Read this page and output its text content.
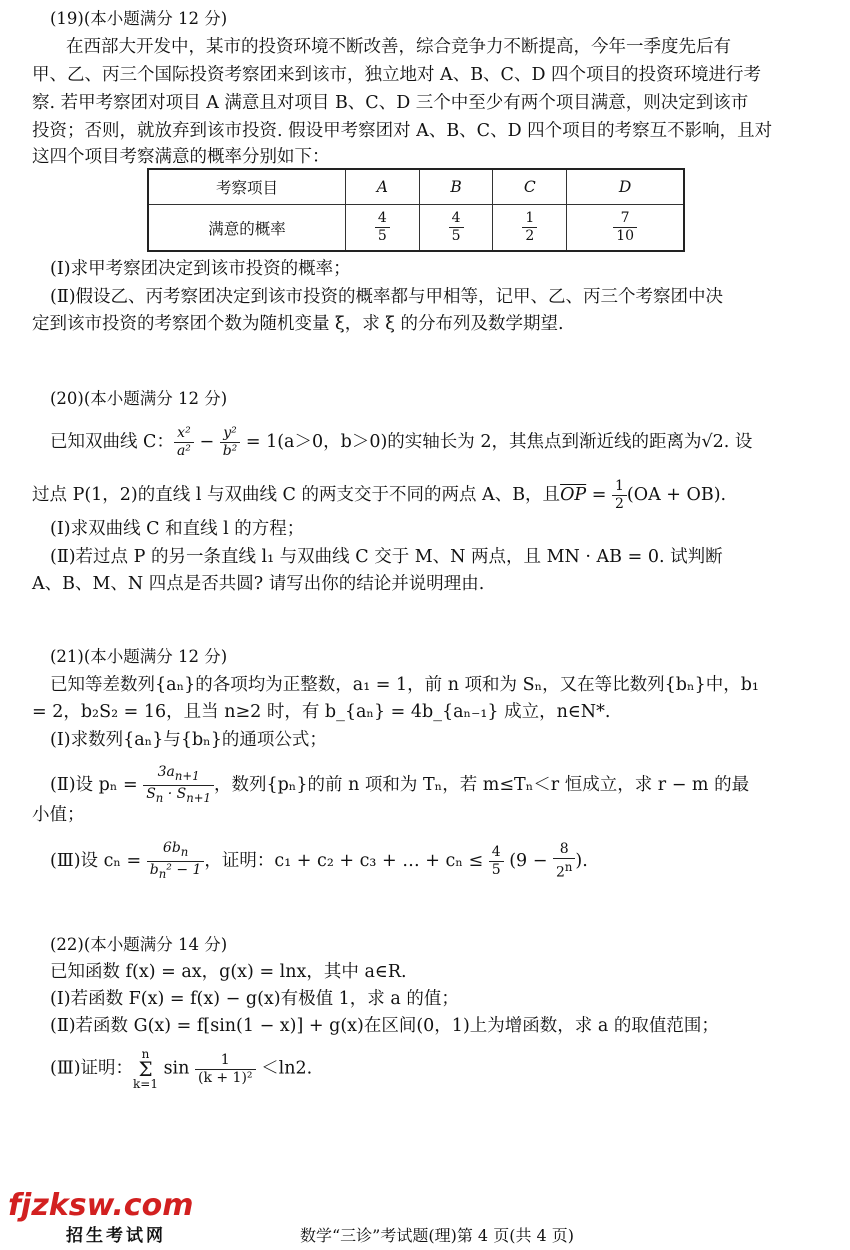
(19)(本小题满分 12 分)
在西部大开发中，某市的投资环境不断改善，综合竞争力不断提高，今年一季度先后有
甲、乙、丙三个国际投资考察团来到该市，独立地对 A、B、C、D 四个项目的投资环境进行考
察. 若甲考察团对项目 A 满意且对项目 B、C、D 三个中至少有两个项目满意，则决定到该市
投资；否则，就放弃到该市投资. 假设甲考察团对 A、B、C、D 四个项目的考察互不影响，且对
这四个项目考察满意的概率分别如下：
考察项目	A	B	C	D
满意的概率	$\frac{4}{5}$	$\frac{4}{5}$	$\frac{1}{2}$	$\frac{7}{10}$
(Ⅰ)求甲考察团决定到该市投资的概率；
(Ⅱ)假设乙、丙考察团决定到该市投资的概率都与甲相等，记甲、乙、丙三个考察团中决
定到该市投资的考察团个数为随机变量 ξ，求 ξ 的分布列及数学期望.
(20)(本小题满分 12 分)
已知双曲线 C： $\frac{\text{x²}}{\text{a²}} - \frac{\text{y²}}{\text{b²}} = 1(a>0$，b＞0)的实轴长为 2，其焦点到渐近线的距离为√2. 设
过点 P(1，2)的直线 l 与双曲线 C 的两支交于不同的两点 A、B，且$\overline{OP} = \frac{1}{2} (OA + OB)$.
(Ⅰ)求双曲线 C 和直线 l 的方程；
(Ⅱ)若过点 P 的另一条直线 l₁ 与双曲线 C 交于 M、N 两点，且 MN · AB = 0. 试判断
A、B、M、N 四点是否共圆? 请写出你的结论并说明理由.
(21)(本小题满分 12 分)
已知等差数列{aₙ}的各项均为正整数，a₁ = 1，前 n 项和为 Sₙ，又在等比数列{bₙ}中，b₁
= 2，b₂S₂ = 16，且当 n≥2 时，有 b_{aₙ} = 4b_{aₙ₋₁} 成立，n∈N*.
(Ⅰ)求数列{aₙ}与{bₙ}的通项公式；
(Ⅱ)设 $p_n = \frac{3a_{n+1}}{S_n \cdot S_{n+1}}$ ，数列{pₙ}的前 n 项和为 Tₙ，若 m≤Tₙ＜r 恒成立，求 r − m 的最
小值；
(Ⅲ)设 $c_n = \frac{6b_n}{b_n^2 - 1}$ ，证明：c₁ + c₂ + c₃ + … + $c_n \le \frac{4}{5} (9 - \frac{8}{2^n}$ ).
(22)(本小题满分 14 分)
已知函数 f(x) = ax，g(x) = lnx，其中 a∈R.
(Ⅰ)若函数 F(x) = f(x) − g(x)有极值 1，求 a 的值；
(Ⅱ)若函数 G(x) = f[sin(1 − x)] + g(x)在区间(0，1)上为增函数，求 a 的取值范围；
(Ⅲ)证明：
n
Σ
k=1
$\sin \frac{1}{\text{(k + 1)²}} <\ln 2$.
fjzksw.com
招生考试网	数学“三诊”考试题(理)第 4 页(共 4 页)
